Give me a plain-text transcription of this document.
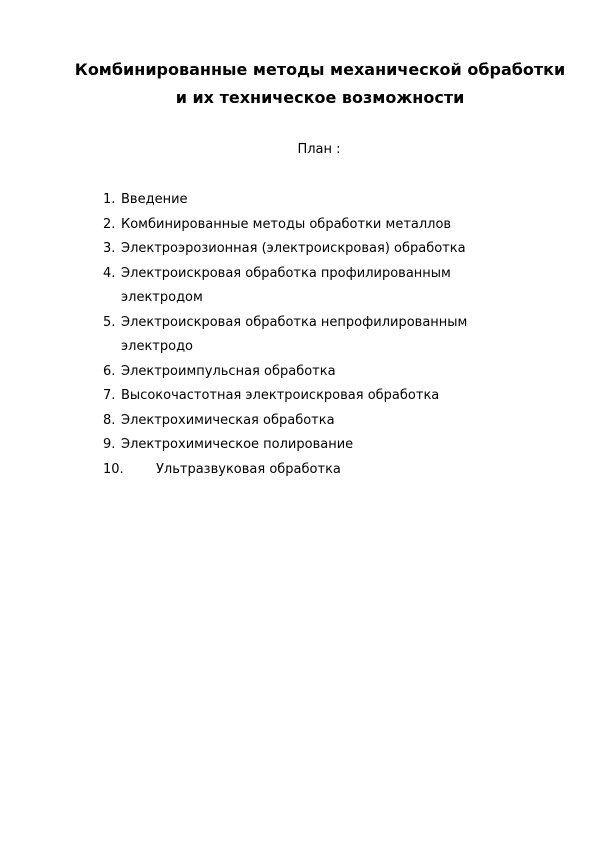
Комбинированные методы механической обработки и их техническое возможности

План :

1. Введение
2. Комбинированные методы обработки металлов
3. Электроэрозионная (электроискровая) обработка
4. Электроискровая обработка профилированным электродом
5. Электроискровая обработка непрофилированным электродо
6. Электроимпульсная обработка
7. Высокочастотная электроискровая обработка
8. Электрохимическая обработка
9. Электрохимическое полирование
10. Ультразвуковая обработка
